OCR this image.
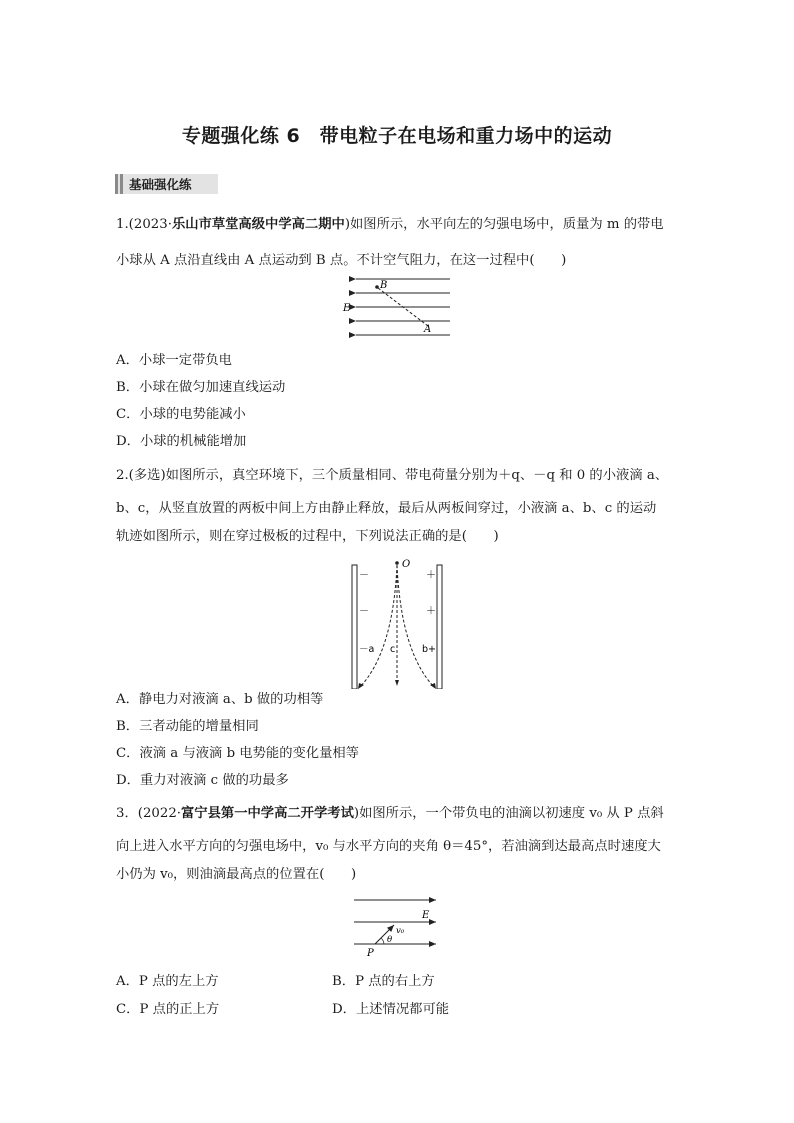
专题强化练 6　带电粒子在电场和重力场中的运动
基础强化练
1.(2023·乐山市草堂高级中学高二期中)如图所示，水平向左的匀强电场中，质量为 m 的带电
小球从 A 点沿直线由 A 点运动到 B 点。不计空气阻力，在这一过程中(　　)
B
A
E
A．小球一定带负电
B．小球在做匀加速直线运动
C．小球的电势能减小
D．小球的机械能增加
2.(多选)如图所示，真空环境下，三个质量相同、带电荷量分别为＋q、－q 和 0 的小液滴 a、
b、c，从竖直放置的两板中间上方由静止释放，最后从两板间穿过，小液滴 a、b、c 的运动
轨迹如图所示，则在穿过极板的过程中，下列说法正确的是(　　)
O
－
－
＋
＋
－a c	b+
A．静电力对液滴 a、b 做的功相等
B．三者动能的增量相同
C．液滴 a 与液滴 b 电势能的变化量相等
D．重力对液滴 c 做的功最多
3．(2022·富宁县第一中学高二开学考试)如图所示，一个带负电的油滴以初速度 v₀ 从 P 点斜
向上进入水平方向的匀强电场中，v₀ 与水平方向的夹角 θ＝45°，若油滴到达最高点时速度大
小仍为 v₀，则油滴最高点的位置在(　　)
E
v₀
θ
P
A．P 点的左上方	B．P 点的右上方
C．P 点的正上方	D．上述情况都可能
